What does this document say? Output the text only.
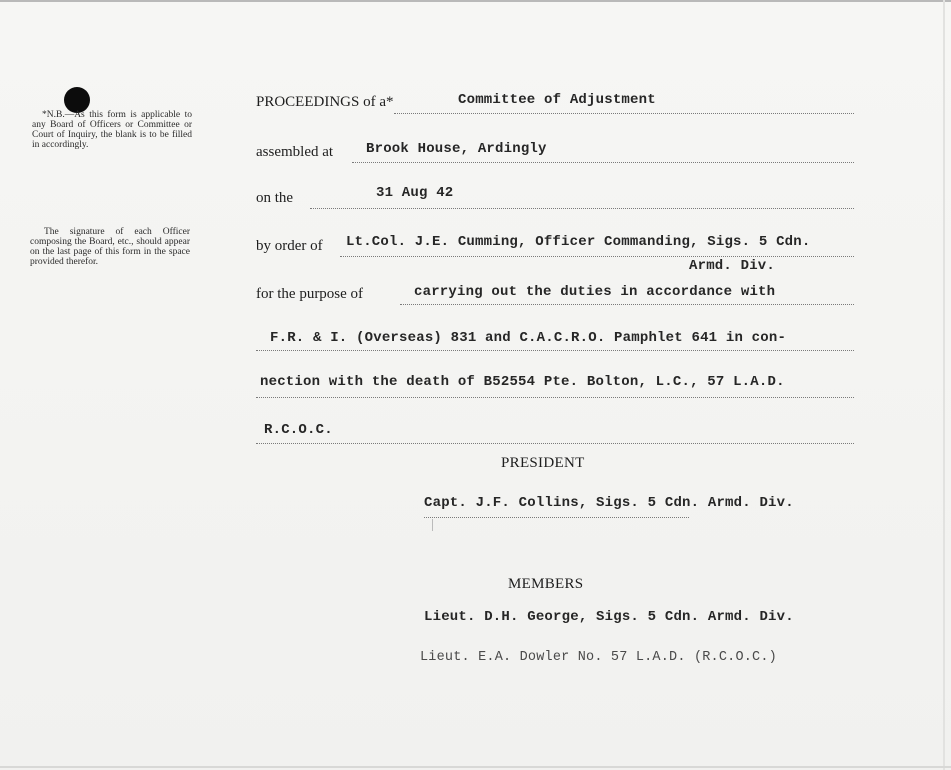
*N.B.—As this form is applicable to any Board of Officers or Committee or Court of Inquiry, the blank is to be filled in accordingly.
The signature of each Officer composing the Board, etc., should appear on the last page of this form in the space provided therefor.
PROCEEDINGS of a*	Committee of Adjustment
assembled at Brook House, Ardingly
on the	31 Aug 42
by order of Lt.Col. J.E. Cumming, Officer Commanding, Sigs. 5 Cdn.
Armd. Div.
for the purpose of	carrying out the duties in accordance with
F.R. & I. (Overseas) 831 and C.A.C.R.O. Pamphlet 641 in con-
nection with the death of B52554 Pte. Bolton, L.C., 57 L.A.D.
R.C.O.C.
PRESIDENT
Capt. J.F. Collins, Sigs. 5 Cdn. Armd. Div.
MEMBERS
Lieut. D.H. George, Sigs. 5 Cdn. Armd. Div.
Lieut. E.A. Dowler No. 57 L.A.D. (R.C.O.C.)
